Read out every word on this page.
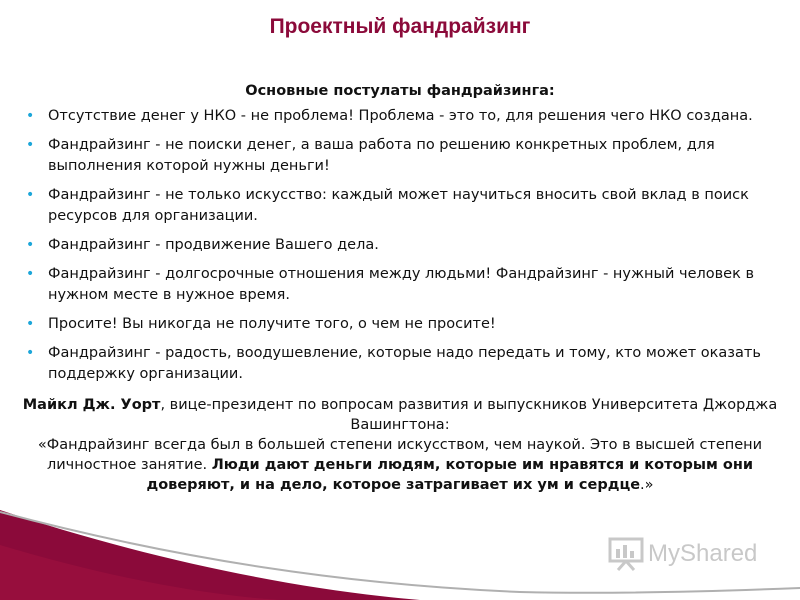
Проектный фандрайзинг
Основные постулаты фандрайзинга:
• Отсутствие денег у НКО - не проблема! Проблема - это то, для решения чего НКО создана.
• Фандрайзинг - не поиски денег, а ваша работа по решению конкретных проблем, для выполнения которой нужны деньги!
• Фандрайзинг - не только искусство: каждый может научиться вносить свой вклад в поиск ресурсов для организации.
• Фандрайзинг - продвижение Вашего дела.
• Фандрайзинг - долгосрочные отношения между людьми! Фандрайзинг - нужный человек в нужном месте в нужное время.
• Просите! Вы никогда не получите того, о чем не просите!
• Фандрайзинг - радость, воодушевление, которые надо передать и тому, кто может оказать поддержку организации.
Майкл Дж. Уорт, вице-президент по вопросам развития и выпускников Университета Джорджа Вашингтона:
«Фандрайзинг всегда был в большей степени искусством, чем наукой. Это в высшей степени личностное занятие. Люди дают деньги людям, которые им нравятся и которым они доверяют, и на дело, которое затрагивает их ум и сердце.»
MyShared
